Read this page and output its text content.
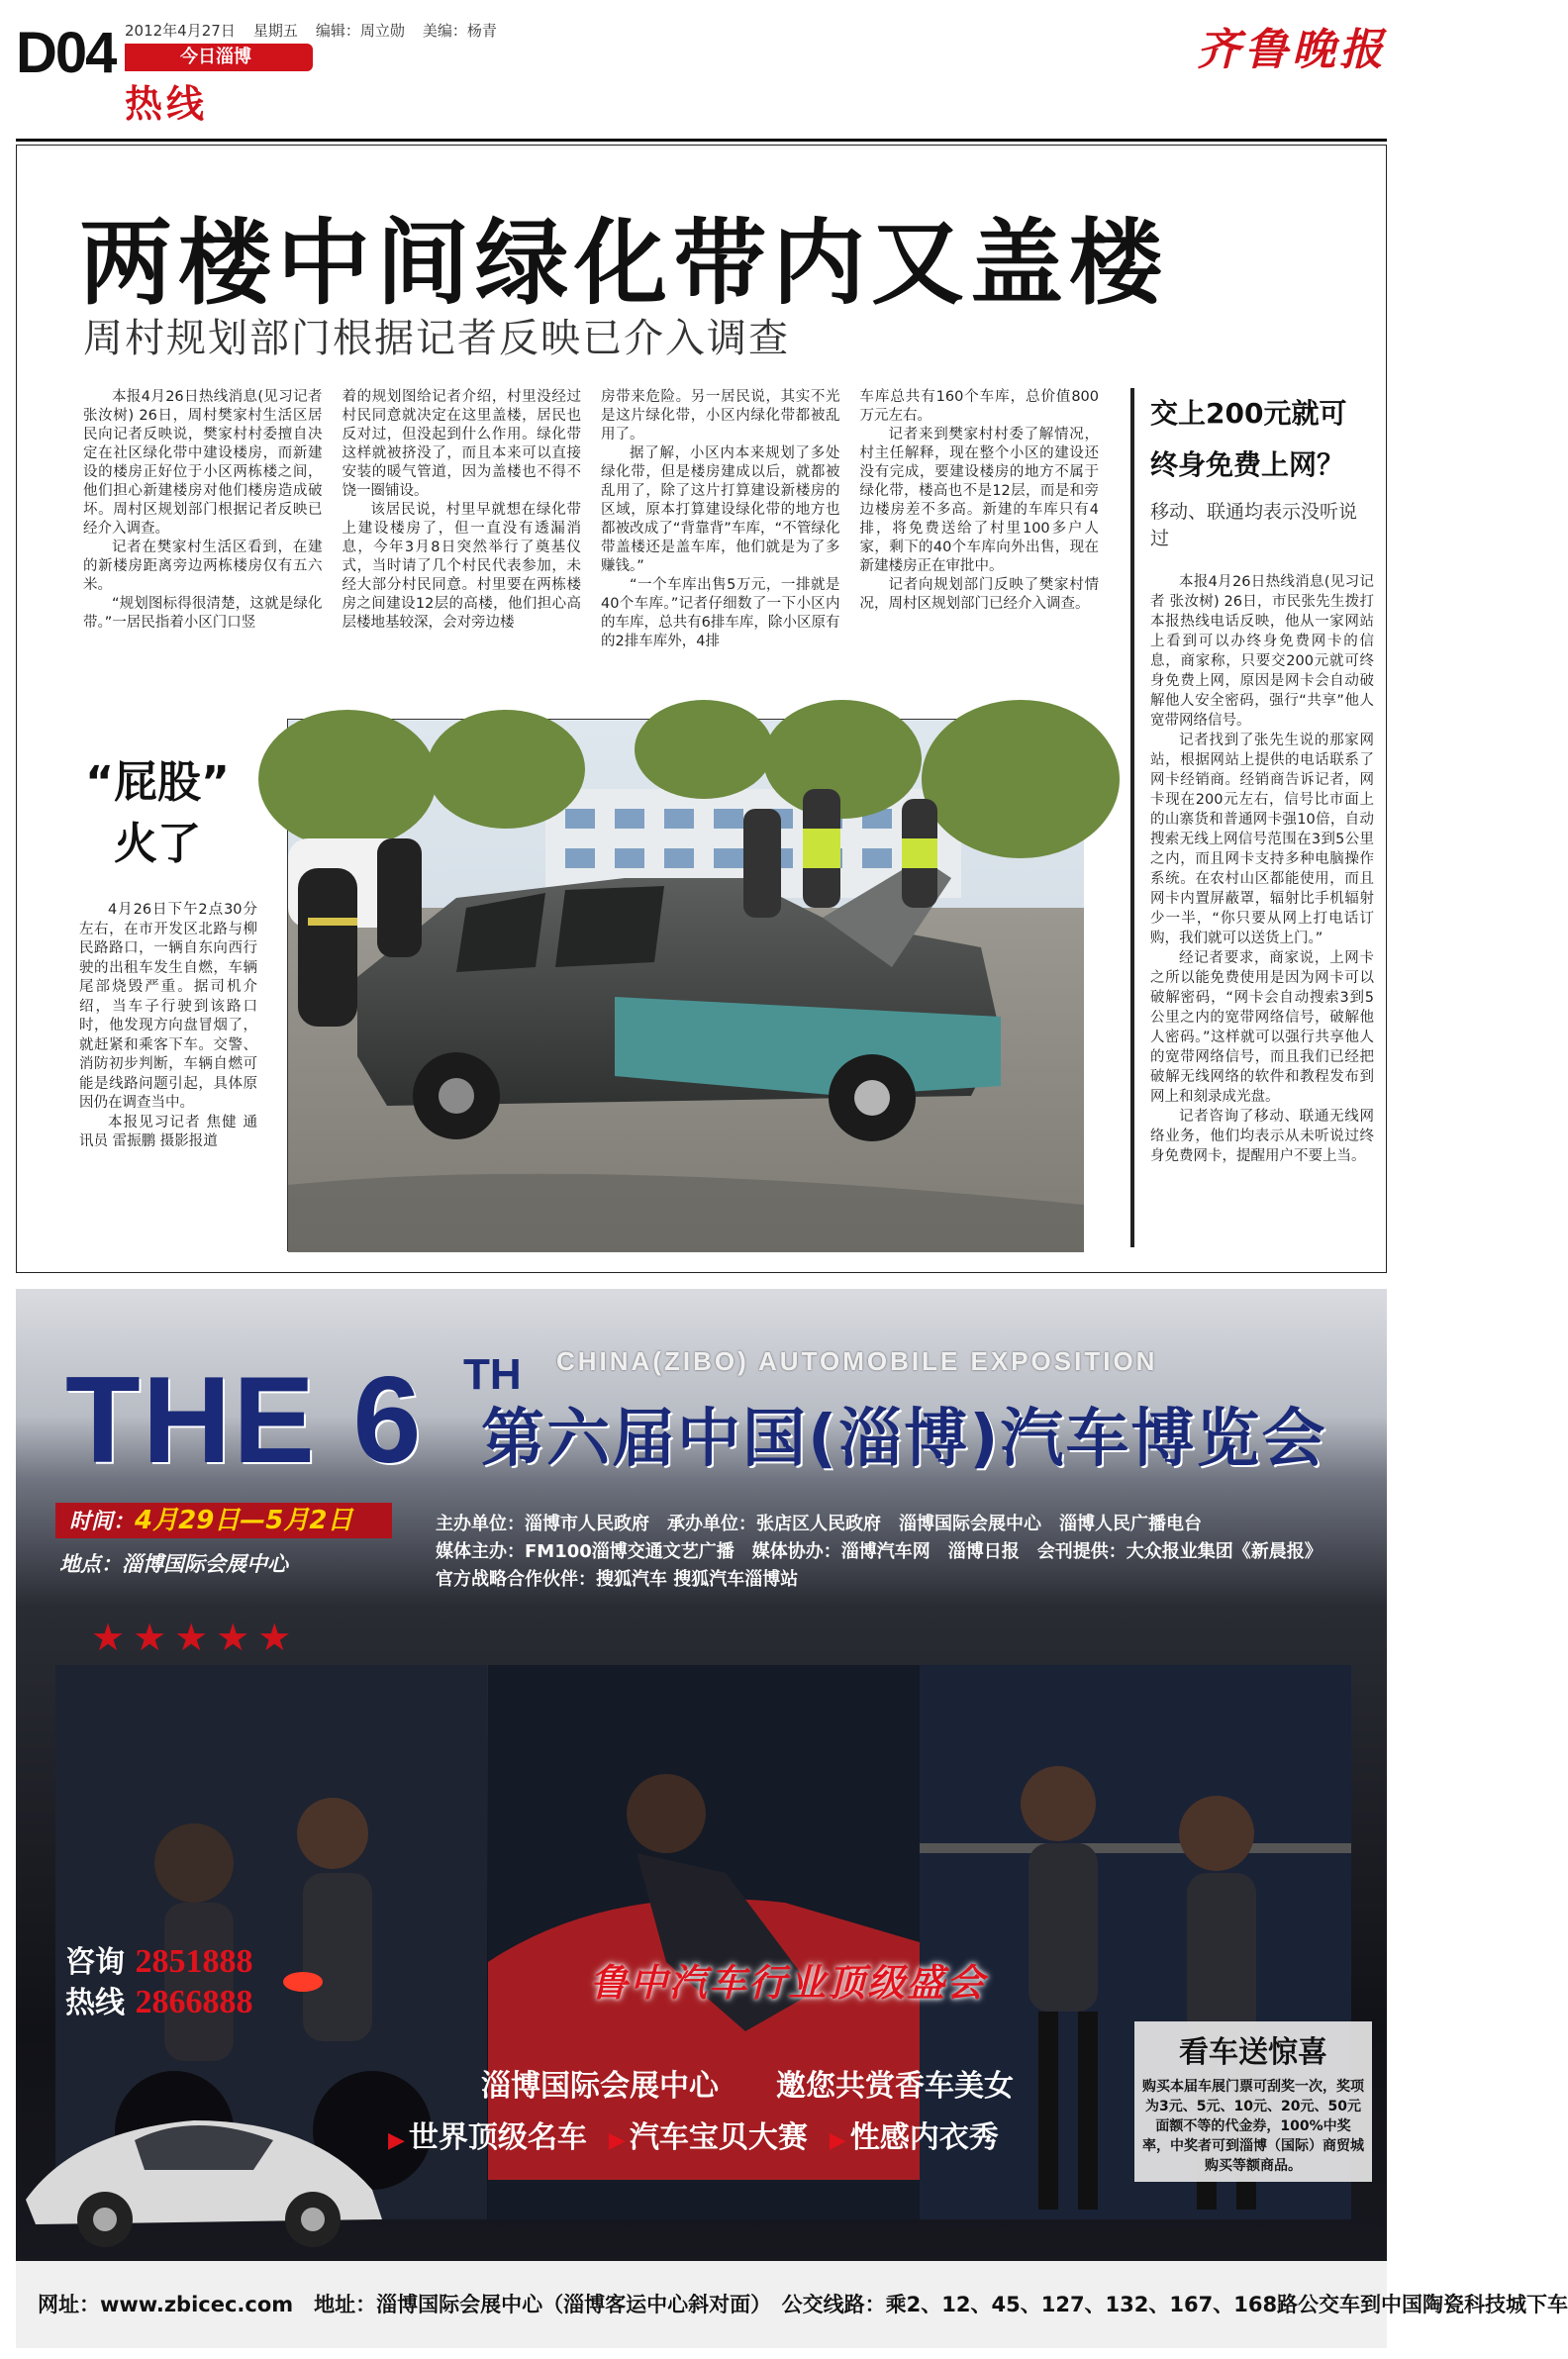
D04 2012年4月27日 星期五 编辑：周立勋 美编：杨青
今日淄博
热线
齐鲁晚报
两楼中间绿化带内又盖楼
周村规划部门根据记者反映已介入调查

本报4月26日热线消息(见习记者 张汝树) 26日，周村樊家村生活区居民向记者反映说，樊家村村委擅自决定在社区绿化带中建设楼房，而新建设的楼房正好位于小区两栋楼之间，他们担心新建楼房对他们楼房造成破坏。周村区规划部门根据记者反映已经介入调查。

记者在樊家村生活区看到，在建的新楼房距离旁边两栋楼房仅有五六米。

“规划图标得很清楚，这就是绿化带。”一居民指着小区门口竖

着的规划图给记者介绍，村里没经过村民同意就决定在这里盖楼，居民也反对过，但没起到什么作用。绿化带这样就被挤没了，而且本来可以直接安装的暖气管道，因为盖楼也不得不饶一圈铺设。

该居民说，村里早就想在绿化带上建设楼房了，但一直没有透漏消息，今年3月8日突然举行了奠基仪式，当时请了几个村民代表参加，未经大部分村民同意。村里要在两栋楼房之间建设12层的高楼，他们担心高层楼地基较深，会对旁边楼

房带来危险。另一居民说，其实不光是这片绿化带，小区内绿化带都被乱用了。

据了解，小区内本来规划了多处绿化带，但是楼房建成以后，就都被乱用了，除了这片打算建设新楼房的区域，原本打算建设绿化带的地方也都被改成了“背靠背”车库，“不管绿化带盖楼还是盖车库，他们就是为了多赚钱。”

“一个车库出售5万元，一排就是40个车库。”记者仔细数了一下小区内的车库，总共有6排车库，除小区原有的2排车库外，4排

车库总共有160个车库，总价值800万元左右。

记者来到樊家村村委了解情况，村主任解释，现在整个小区的建设还没有完成，要建设楼房的地方不属于绿化带，楼高也不是12层，而是和旁边楼房差不多高。新建的车库只有4排，将免费送给了村里100多户人家，剩下的40个车库向外出售，现在新建楼房正在审批中。

记者向规划部门反映了樊家村情况，周村区规划部门已经介入调查。

交上200元就可终身免费上网？
移动、联通均表示没听说过

本报4月26日热线消息(见习记者 张汝树) 26日，市民张先生拨打本报热线电话反映，他从一家网站上看到可以办终身免费网卡的信息，商家称，只要交200元就可终身免费上网，原因是网卡会自动破解他人安全密码，强行“共享”他人宽带网络信号。

记者找到了张先生说的那家网站，根据网站上提供的电话联系了网卡经销商。经销商告诉记者，网卡现在200元左右，信号比市面上的山寨货和普通网卡强10倍，自动搜索无线上网信号范围在3到5公里之内，而且网卡支持多种电脑操作系统。在农村山区都能使用，而且网卡内置屏蔽罩，辐射比手机辐射少一半，“你只要从网上打电话订购，我们就可以送货上门。”

经记者要求，商家说，上网卡之所以能免费使用是因为网卡可以破解密码，“网卡会自动搜索3到5公里之内的宽带网络信号，破解他人密码。”这样就可以强行共享他人的宽带网络信号，而且我们已经把破解无线网络的软件和教程发布到网上和刻录成光盘。

记者咨询了移动、联通无线网络业务，他们均表示从未听说过终身免费网卡，提醒用户不要上当。

“屁股”
火了

4月26日下午2点30分左右，在市开发区北路与柳民路路口，一辆自东向西行驶的出租车发生自燃，车辆尾部烧毁严重。据司机介绍，当车子行驶到该路口时，他发现方向盘冒烟了，就赶紧和乘客下车。交警、消防初步判断，车辆自燃可能是线路问题引起，具体原因仍在调查当中。

本报见习记者 焦健 通讯员 雷振鹏 摄影报道

THE 6 TH CHINA(ZIBO) AUTOMOBILE EXPOSITION
第六届中国(淄博)汽车博览会
时间：4月29日—5月2日
地点：淄博国际会展中心
主办单位：淄博市人民政府　承办单位：张店区人民政府　淄博国际会展中心　淄博人民广播电台
媒体主办：FM100淄博交通文艺广播　媒体协办：淄博汽车网　淄博日报　会刊提供：大众报业集团《新晨报》
官方战略合作伙伴：搜狐汽车 搜狐汽车淄博站
★★★★★
咨询 2851888
热线 2866888	鲁中汽车行业顶级盛会
淄博国际会展中心 邀您共赏香车美女
▶ 世界顶级名车	▶ 汽车宝贝大赛	▶ 性感内衣秀
看车送惊喜
购买本届车展门票可刮奖一次，奖项为3元、5元、10元、20元、50元面额不等的代金券，100%中奖率，中奖者可到淄博（国际）商贸城购买等额商品。
网址：www.zbicec.com　地址：淄博国际会展中心（淄博客运中心斜对面）　公交线路：乘2、12、45、127、132、167、168路公交车到中国陶瓷科技城下车
